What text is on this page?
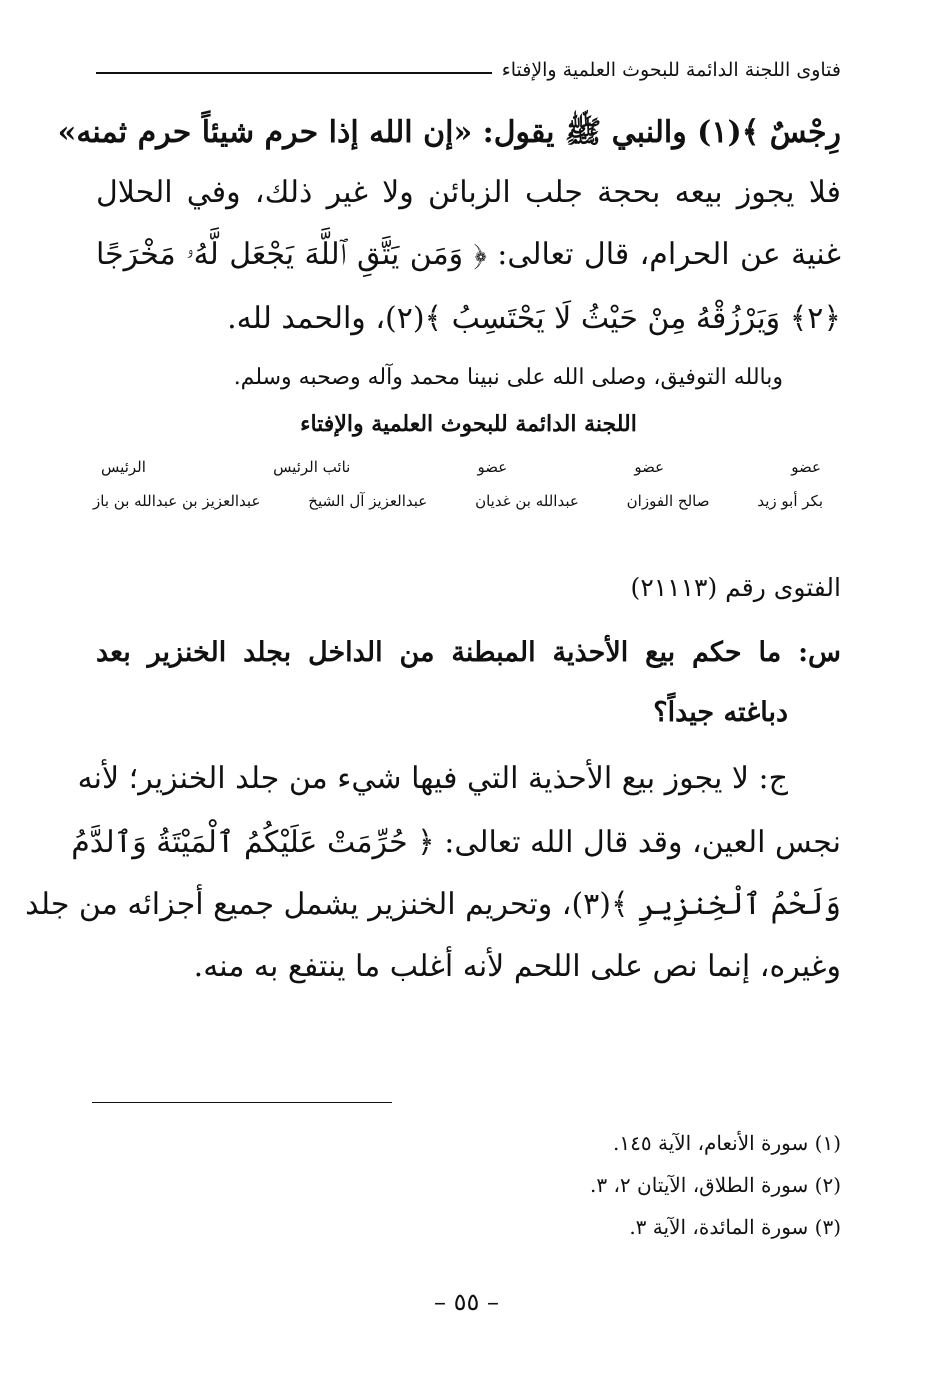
فتاوى اللجنة الدائمة للبحوث العلمية والإفتاء
رِجْسٌ ﴾(١) والنبي ﷺ يقول: «إن الله إذا حرم شيئاً حرم ثمنه»
فلا يجوز بيعه بحجة جلب الزبائن ولا غير ذلك، وفي الحلال
غنية عن الحرام، قال تعالى: ﴿ وَمَن يَتَّقِ ٱللَّهَ يَجْعَل لَّهُۥ مَخْرَجًا
﴿٢﴾ وَيَرْزُقْهُ مِنْ حَيْثُ لَا يَحْتَسِبُ ﴾(٢)، والحمد لله.
وبالله التوفيق، وصلى الله على نبينا محمد وآله وصحبه وسلم.
اللجنة الدائمة للبحوث العلمية والإفتاء
عضو
عضو
عضو
نائب الرئيس
الرئيس
بكر أبو زيد
صالح الفوزان
عبدالله بن غديان
عبدالعزيز آل الشيخ
عبدالعزيز بن عبدالله بن باز
الفتوى رقم (٢١١١٣)
س: ما حكم بيع الأحذية المبطنة من الداخل بجلد الخنزير بعد
دباغته جيداً؟
ج: لا يجوز بيع الأحذية التي فيها شيء من جلد الخنزير؛ لأنه
نجس العين، وقد قال الله تعالى: ﴿ حُرِّمَتْ عَلَيْكُمُ ٱلْمَيْتَةُ وَٱلدَّمُ
وَلَحْمُ ٱلْخِنزِيرِ ﴾(٣)، وتحريم الخنزير يشمل جميع أجزائه من جلد
وغيره، إنما نص على اللحم لأنه أغلب ما ينتفع به منه.
(١) سورة الأنعام، الآية ١٤٥.
(٢) سورة الطلاق، الآيتان ٢، ٣.
(٣) سورة المائدة، الآية ٣.
– ٥٥ –
